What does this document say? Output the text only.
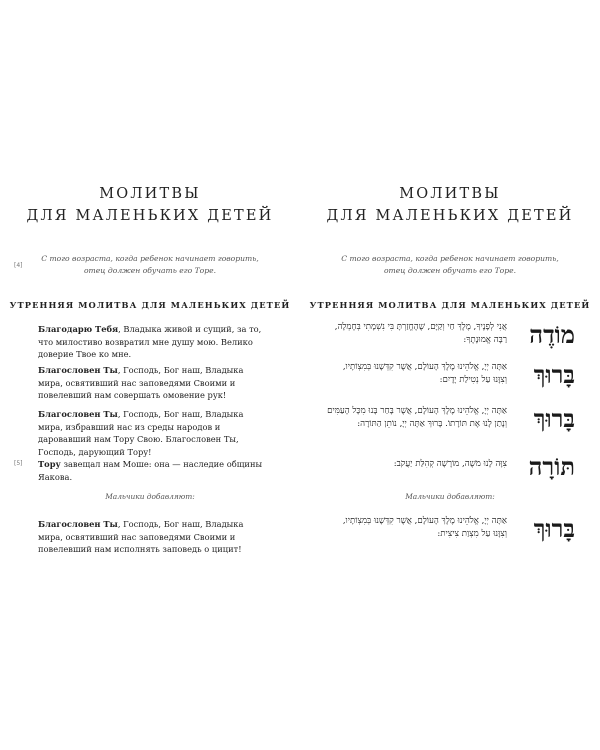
МОЛИТВЫ
ДЛЯ МАЛЕНЬКИХ ДЕТЕЙ
С того возраста, когда ребенок начинает говорить, отец должен обучать его Торе.
[4]
УТРЕННЯЯ МОЛИТВА ДЛЯ МАЛЕНЬКИХ ДЕТЕЙ
Благодарю Тебя, Владыка живой и сущий, за то, что милостиво возвратил мне душу мою. Велико доверие Твое ко мне.
Благословен Ты, Господь, Бог наш, Владыка мира, освятивший нас заповедями Своими и повелевший нам совершать омовение рук!
Благословен Ты, Господь, Бог наш, Владыка мира, избравший нас из среды народов и даровавший нам Тору Свою. Благословен Ты, Господь, дарующий Тору!
[5] Тору завещал нам Моше: она — наследие общины Яакова.
Мальчики добавляют:
Благословен Ты, Господь, Бог наш, Владыка мира, освятивший нас заповедями Своими и повелевший нам исполнять заповедь о цицит!
МОЛИТВЫ
ДЛЯ МАЛЕНЬКИХ ДЕТЕЙ
С того возраста, когда ребенок начинает говорить, отец должен обучать его Торе.
УТРЕННЯЯ МОЛИТВА ДЛЯ МАЛЕНЬКИХ ДЕТЕЙ
מוֹדֶה
אֲנִי לְפָנֶיךָ, מֶלֶךְ חַי וְקַיָּם, שֶׁהֶחֱזַרְתָּ בִּי נִשְׁמָתִי בְּחֶמְלָה, רַבָּה אֱמוּנָתֶךָ:
בָּרוּךְ
אַתָּה יְיָ, אֱלֹהֵינוּ מֶלֶךְ הָעוֹלָם, אֲשֶׁר קִדְּשָׁנוּ בְּמִצְוֹתָיו, וְצִוָּנוּ עַל נְטִילַת יָדָיִם:
בָּרוּךְ
אַתָּה יְיָ, אֱלֹהֵינוּ מֶלֶךְ הָעוֹלָם, אֲשֶׁר בָּחַר בָּנוּ מִכָּל הָעַמִּים וְנָתַן לָנוּ אֶת תּוֹרָתוֹ. בָּרוּךְ אַתָּה יְיָ, נוֹתֵן הַתּוֹרָה:
תּוֹרָה
צִוָּה לָנוּ מֹשֶׁה, מוֹרָשָׁה קְהִלַּת יַעֲקֹב:
Мальчики добавляют:
בָּרוּךְ
אַתָּה יְיָ, אֱלֹהֵינוּ מֶלֶךְ הָעוֹלָם, אֲשֶׁר קִדְּשָׁנוּ בְּמִצְוֹתָיו, וְצִוָּנוּ עַל מִצְוַת צִיצִית:
